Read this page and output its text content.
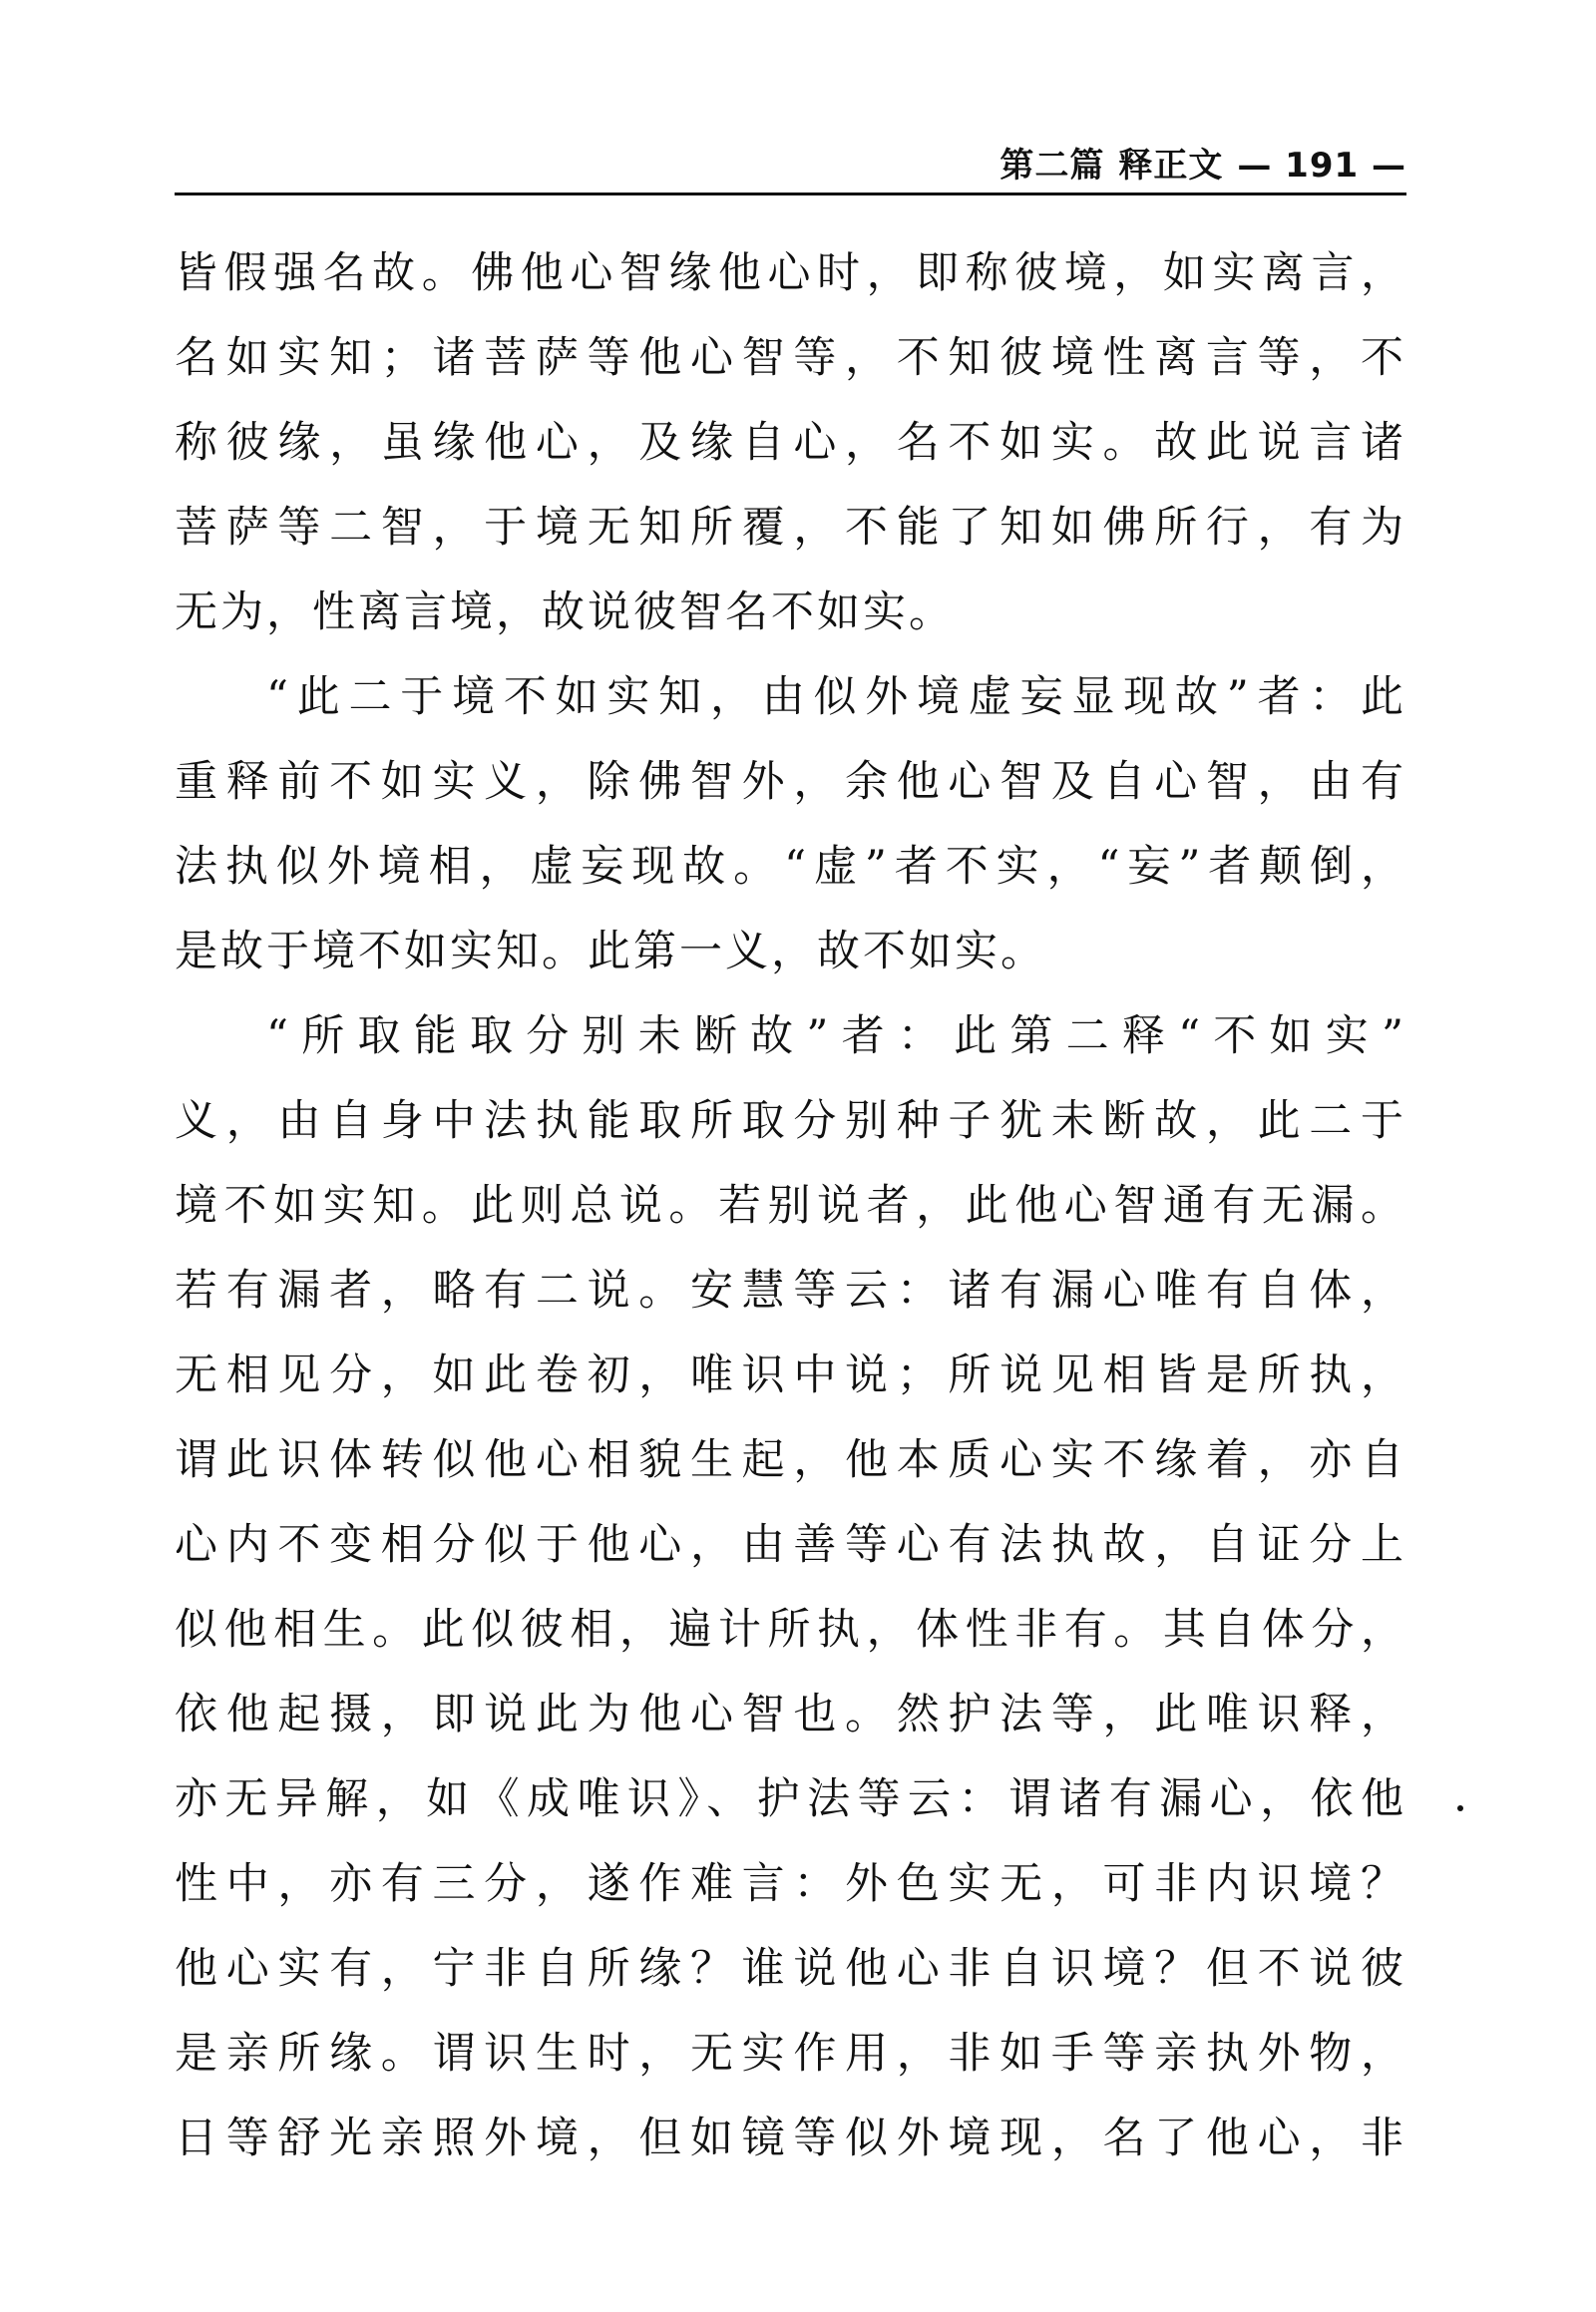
第二篇 释正文 — 191 —
皆假强名故。佛他心智缘他心时，即称彼境，如实离言，
名如实知；诸菩萨等他心智等，不知彼境性离言等，不
称彼缘，虽缘他心，及缘自心，名不如实。故此说言诸
菩萨等二智，于境无知所覆，不能了知如佛所行，有为
无为，性离言境，故说彼智名不如实。
“此二于境不如实知，由似外境虚妄显现故”者：此
重释前不如实义，除佛智外，余他心智及自心智，由有
法执似外境相，虚妄现故。“虚”者不实，“妄”者颠倒，
是故于境不如实知。此第一义，故不如实。
“所取能取分别未断故”者：此第二释“不如实”
义，由自身中法执能取所取分别种子犹未断故，此二于
境不如实知。此则总说。若别说者，此他心智通有无漏。
若有漏者，略有二说。安慧等云：诸有漏心唯有自体，
无相见分，如此卷初，唯识中说；所说见相皆是所执，
谓此识体转似他心相貌生起，他本质心实不缘着，亦自
心内不变相分似于他心，由善等心有法执故，自证分上
似他相生。此似彼相，遍计所执，体性非有。其自体分，
依他起摄，即说此为他心智也。然护法等，此唯识释，
亦无异解，如《成唯识》、护法等云：谓诸有漏心，依他
性中，亦有三分，遂作难言：外色实无，可非内识境？
他心实有，宁非自所缘？谁说他心非自识境？但不说彼
是亲所缘。谓识生时，无实作用，非如手等亲执外物，
日等舒光亲照外境，但如镜等似外境现，名了他心，非
